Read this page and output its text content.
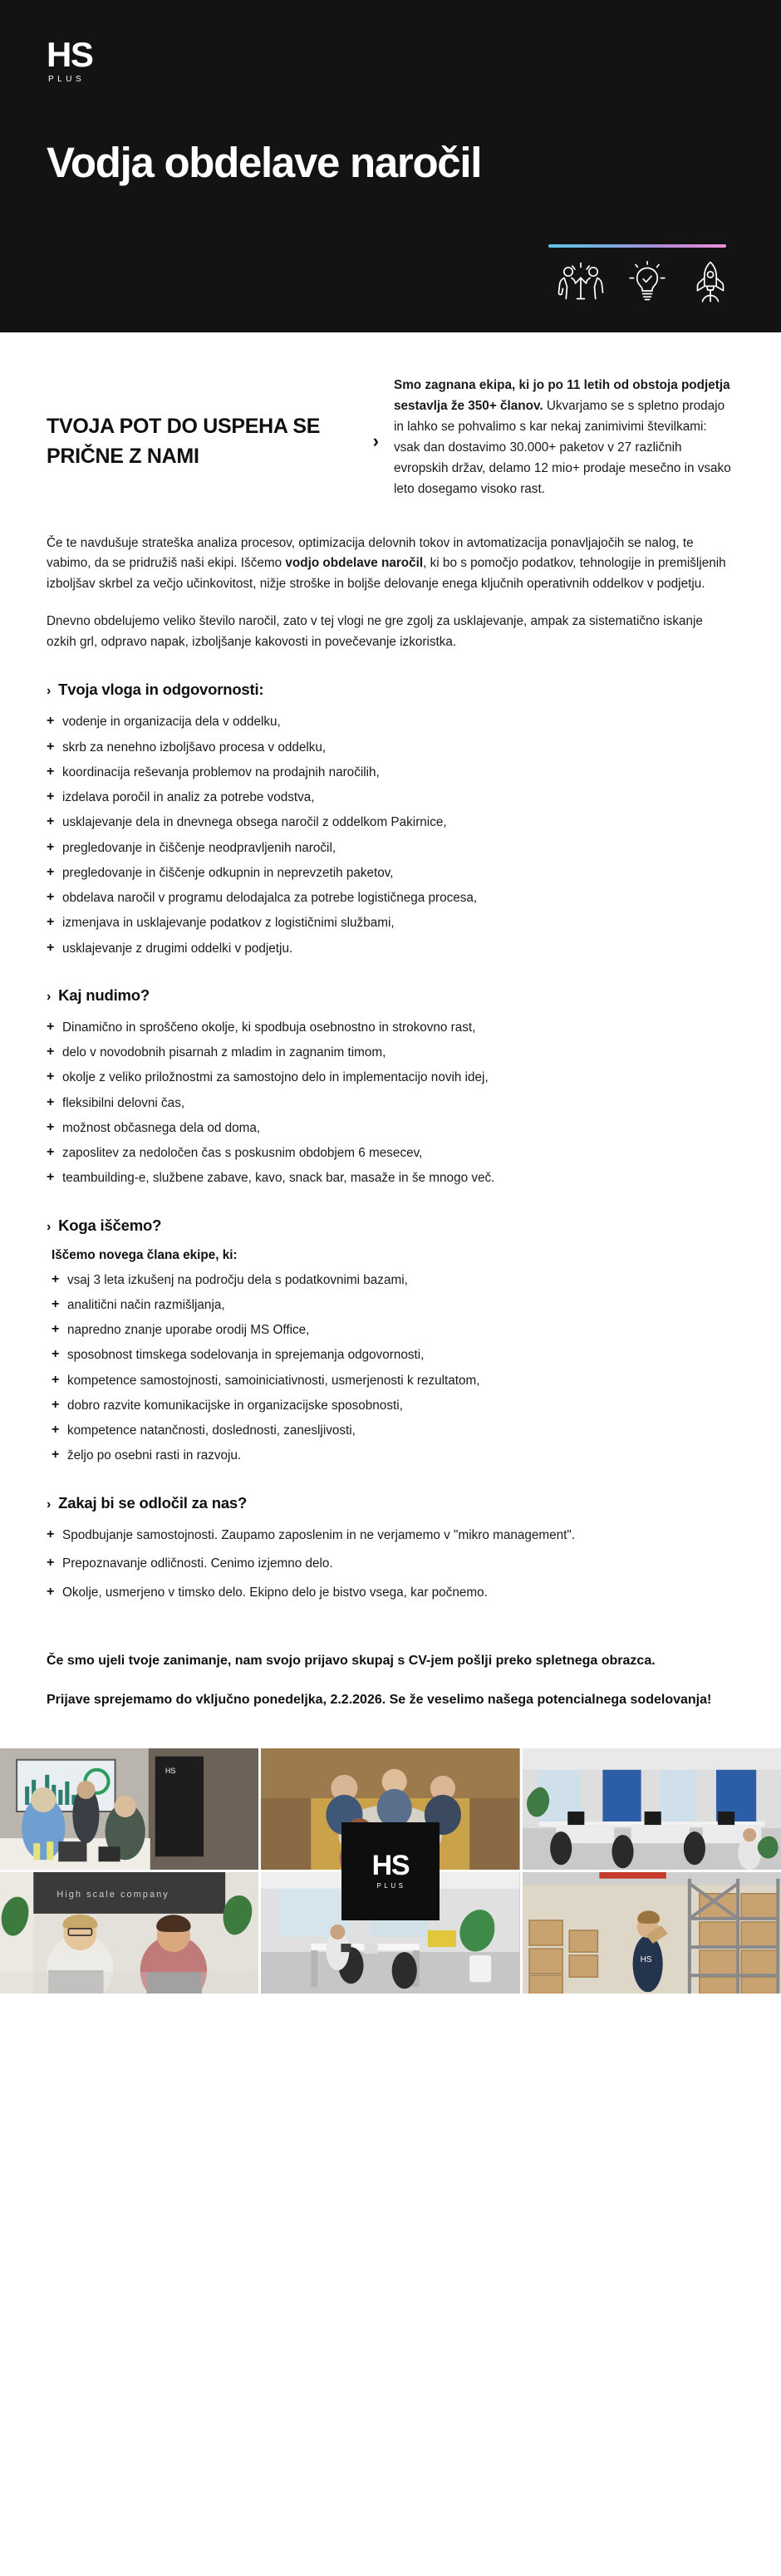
HS
PLUS
Vodja obdelave naročil
TVOJA POT DO USPEHA SE PRIČNE Z NAMI
›
Smo zagnana ekipa, ki jo po 11 letih od obstoja podjetja sestavlja že 350+ članov. Ukvarjamo se s spletno prodajo in lahko se pohvalimo s kar nekaj zanimivimi številkami: vsak dan dostavimo 30.000+ paketov v 27 različnih evropskih držav, delamo 12 mio+ prodaje mesečno in vsako leto dosegamo visoko rast.

Če te navdušuje strateška analiza procesov, optimizacija delovnih tokov in avtomatizacija ponavljajočih se nalog, te vabimo, da se pridružiš naši ekipi. Iščemo vodjo obdelave naročil, ki bo s pomočjo podatkov, tehnologije in premišljenih izboljšav skrbel za večjo učinkovitost, nižje stroške in boljše delovanje enega ključnih operativnih oddelkov v podjetju.

Dnevno obdelujemo veliko število naročil, zato v tej vlogi ne gre zgolj za usklajevanje, ampak za sistematično iskanje ozkih grl, odpravo napak, izboljšanje kakovosti in povečevanje izkoristka.

› Tvoja vloga in odgovornosti:
+ vodenje in organizacija dela v oddelku,
+ skrb za nenehno izboljšavo procesa v oddelku,
+ koordinacija reševanja problemov na prodajnih naročilih,
+ izdelava poročil in analiz za potrebe vodstva,
+ usklajevanje dela in dnevnega obsega naročil z oddelkom Pakirnice,
+ pregledovanje in čiščenje neodpravljenih naročil,
+ pregledovanje in čiščenje odkupnin in neprevzetih paketov,
+ obdelava naročil v programu delodajalca za potrebe logističnega procesa,
+ izmenjava in usklajevanje podatkov z logističnimi službami,
+ usklajevanje z drugimi oddelki v podjetju.
› Kaj nudimo?
+ Dinamično in sproščeno okolje, ki spodbuja osebnostno in strokovno rast,
+ delo v novodobnih pisarnah z mladim in zagnanim timom,
+ okolje z veliko priložnostmi za samostojno delo in implementacijo novih idej,
+ fleksibilni delovni čas,
+ možnost občasnega dela od doma,
+ zaposlitev za nedoločen čas s poskusnim obdobjem 6 mesecev,
+ teambuilding-e, službene zabave, kavo, snack bar, masaže in še mnogo več.
› Koga iščemo?
Iščemo novega člana ekipe, ki:
+ vsaj 3 leta izkušenj na področju dela s podatkovnimi bazami,
+ analitični način razmišljanja,
+ napredno znanje uporabe orodij MS Office,
+ sposobnost timskega sodelovanja in sprejemanja odgovornosti,
+ kompetence samostojnosti, samoiniciativnosti, usmerjenosti k rezultatom,
+ dobro razvite komunikacijske in organizacijske sposobnosti,
+ kompetence natančnosti, doslednosti, zanesljivosti,
+ željo po osebni rasti in razvoju.
› Zakaj bi se odločil za nas?
+ Spodbujanje samostojnosti. Zaupamo zaposlenim in ne verjamemo v "mikro management".
+ Prepoznavanje odličnosti. Cenimo izjemno delo.
+ Okolje, usmerjeno v timsko delo. Ekipno delo je bistvo vsega, kar počnemo.

Če smo ujeli tvoje zanimanje, nam svojo prijavo skupaj s CV-jem pošlji preko spletnega obrazca.

Prijave sprejemamo do vključno ponedeljka, 2.2.2026. Se že veselimo našega potencialnega sodelovanja!

HS
High scale company
HS
HS
PLUS
